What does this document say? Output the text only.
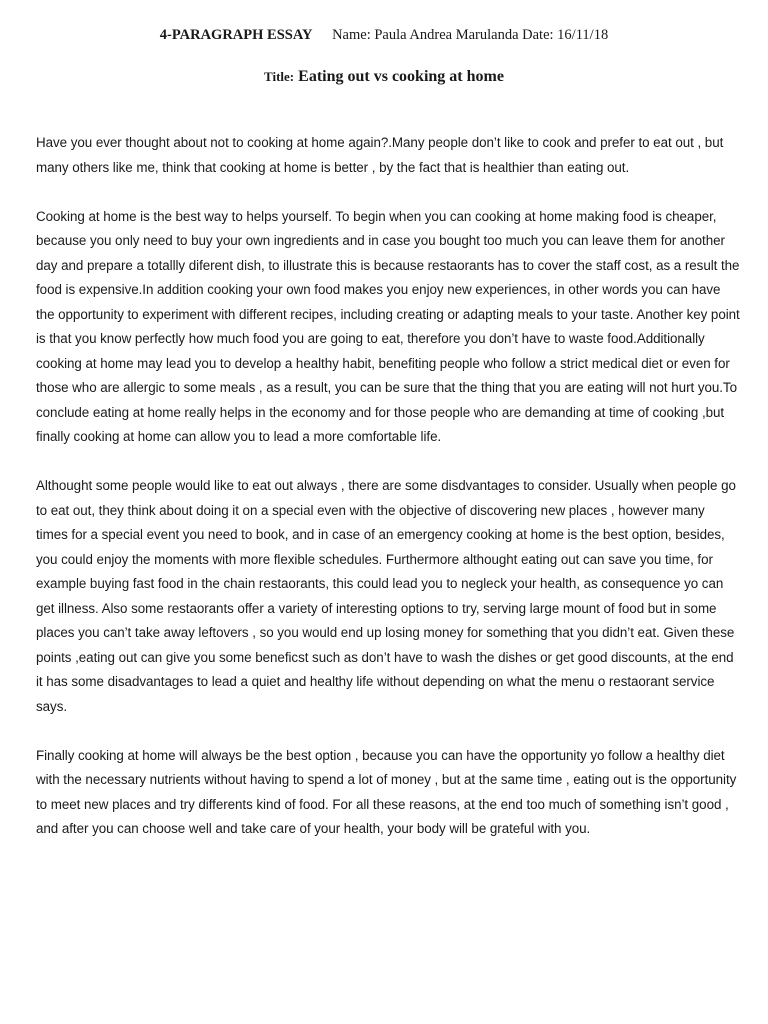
4-PARAGRAPH ESSAY Name: Paula Andrea Marulanda Date: 16/11/18
Title: Eating out vs cooking at home

Have you ever thought about not to cooking at home again?.Many people don’t like to cook and prefer to eat out , but many others like me, think that cooking at home is better , by the fact that is healthier than eating out.

Cooking at home is the best way to helps yourself. To begin when you can cooking at home making food is cheaper, because you only need to buy your own ingredients and in case you bought too much you can leave them for another day and prepare a totallly diferent dish, to illustrate this is because restaorants has to cover the staff cost, as a result the food is expensive.In addition cooking your own food makes you enjoy new experiences, in other words you can have the opportunity to experiment with different recipes, including creating or adapting meals to your taste. Another key point is that you know perfectly how much food you are going to eat, therefore you don’t have to waste food.Additionally cooking at home may lead you to develop a healthy habit, benefiting people who follow a strict medical diet or even for those who are allergic to some meals , as a result, you can be sure that the thing that you are eating will not hurt you.To conclude eating at home really helps in the economy and for those people who are demanding at time of cooking ,but finally cooking at home can allow you to lead a more comfortable life.

Althought some people would like to eat out always , there are some disdvantages to consider. Usually when people go to eat out, they think about doing it on a special even with the objective of discovering new places , however many times for a special event you need to book, and in case of an emergency cooking at home is the best option, besides, you could enjoy the moments with more flexible schedules. Furthermore althought eating out can save you time, for example buying fast food in the chain restaorants, this could lead you to negleck your health, as consequence yo can get illness. Also some restaorants offer a variety of interesting options to try, serving large mount of food but in some places you can’t take away leftovers , so you would end up losing money for something that you didn’t eat. Given these points ,eating out can give you some beneficst such as don’t have to wash the dishes or get good discounts, at the end it has some disadvantages to lead a quiet and healthy life without depending on what the menu o restaorant service says.

Finally cooking at home will always be the best option , because you can have the opportunity yo follow a healthy diet with the necessary nutrients without having to spend a lot of money , but at the same time , eating out is the opportunity to meet new places and try differents kind of food. For all these reasons, at the end too much of something isn’t good , and after you can choose well and take care of your health, your body will be grateful with you.
